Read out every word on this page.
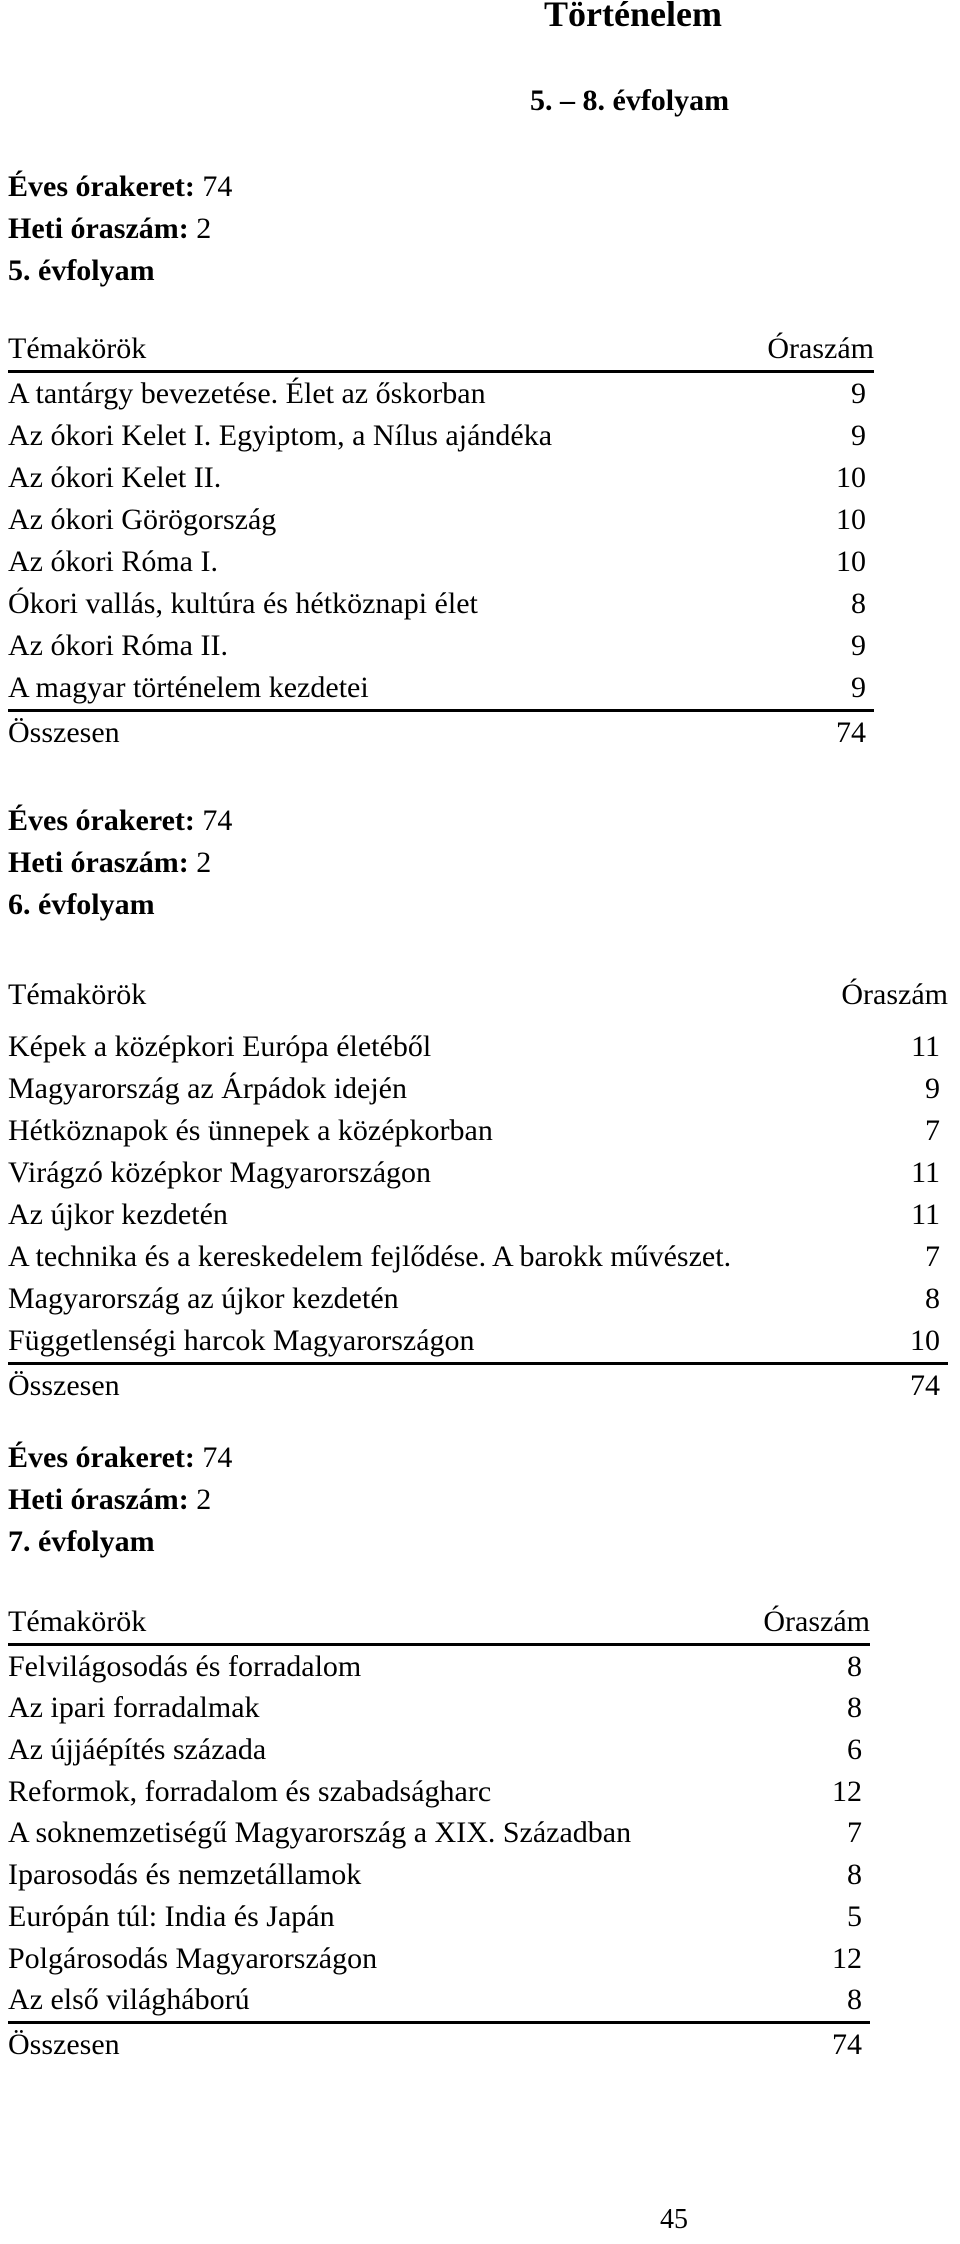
Történelem
5. – 8. évfolyam

Éves órakeret: 74

Heti óraszám: 2

5. évfolyam

Témakörök	Óraszám
A tantárgy bevezetése. Élet az őskorban	9
Az ókori Kelet I. Egyiptom, a Nílus ajándéka	9
Az ókori Kelet II.	10
Az ókori Görögország	10
Az ókori Róma I.	10
Ókori vallás, kultúra és hétköznapi élet	8
Az ókori Róma II.	9
A magyar történelem kezdetei	9
Összesen	74

Éves órakeret: 74

Heti óraszám: 2

6. évfolyam

Témakörök	Óraszám
Képek a középkori Európa életéből	11
Magyarország az Árpádok idején	9
Hétköznapok és ünnepek a középkorban	7
Virágzó középkor Magyarországon	11
Az újkor kezdetén	11
A technika és a kereskedelem fejlődése. A barokk művészet.	7
Magyarország az újkor kezdetén	8
Függetlenségi harcok Magyarországon	10
Összesen	74

Éves órakeret: 74

Heti óraszám: 2

7. évfolyam

Témakörök	Óraszám
Felvilágosodás és forradalom	8
Az ipari forradalmak	8
Az újjáépítés százada	6
Reformok, forradalom és szabadságharc	12
A soknemzetiségű Magyarország a XIX. Században	7
Iparosodás és nemzetállamok	8
Európán túl: India és Japán	5
Polgárosodás Magyarországon	12
Az első világháború	8
Összesen	74

45
